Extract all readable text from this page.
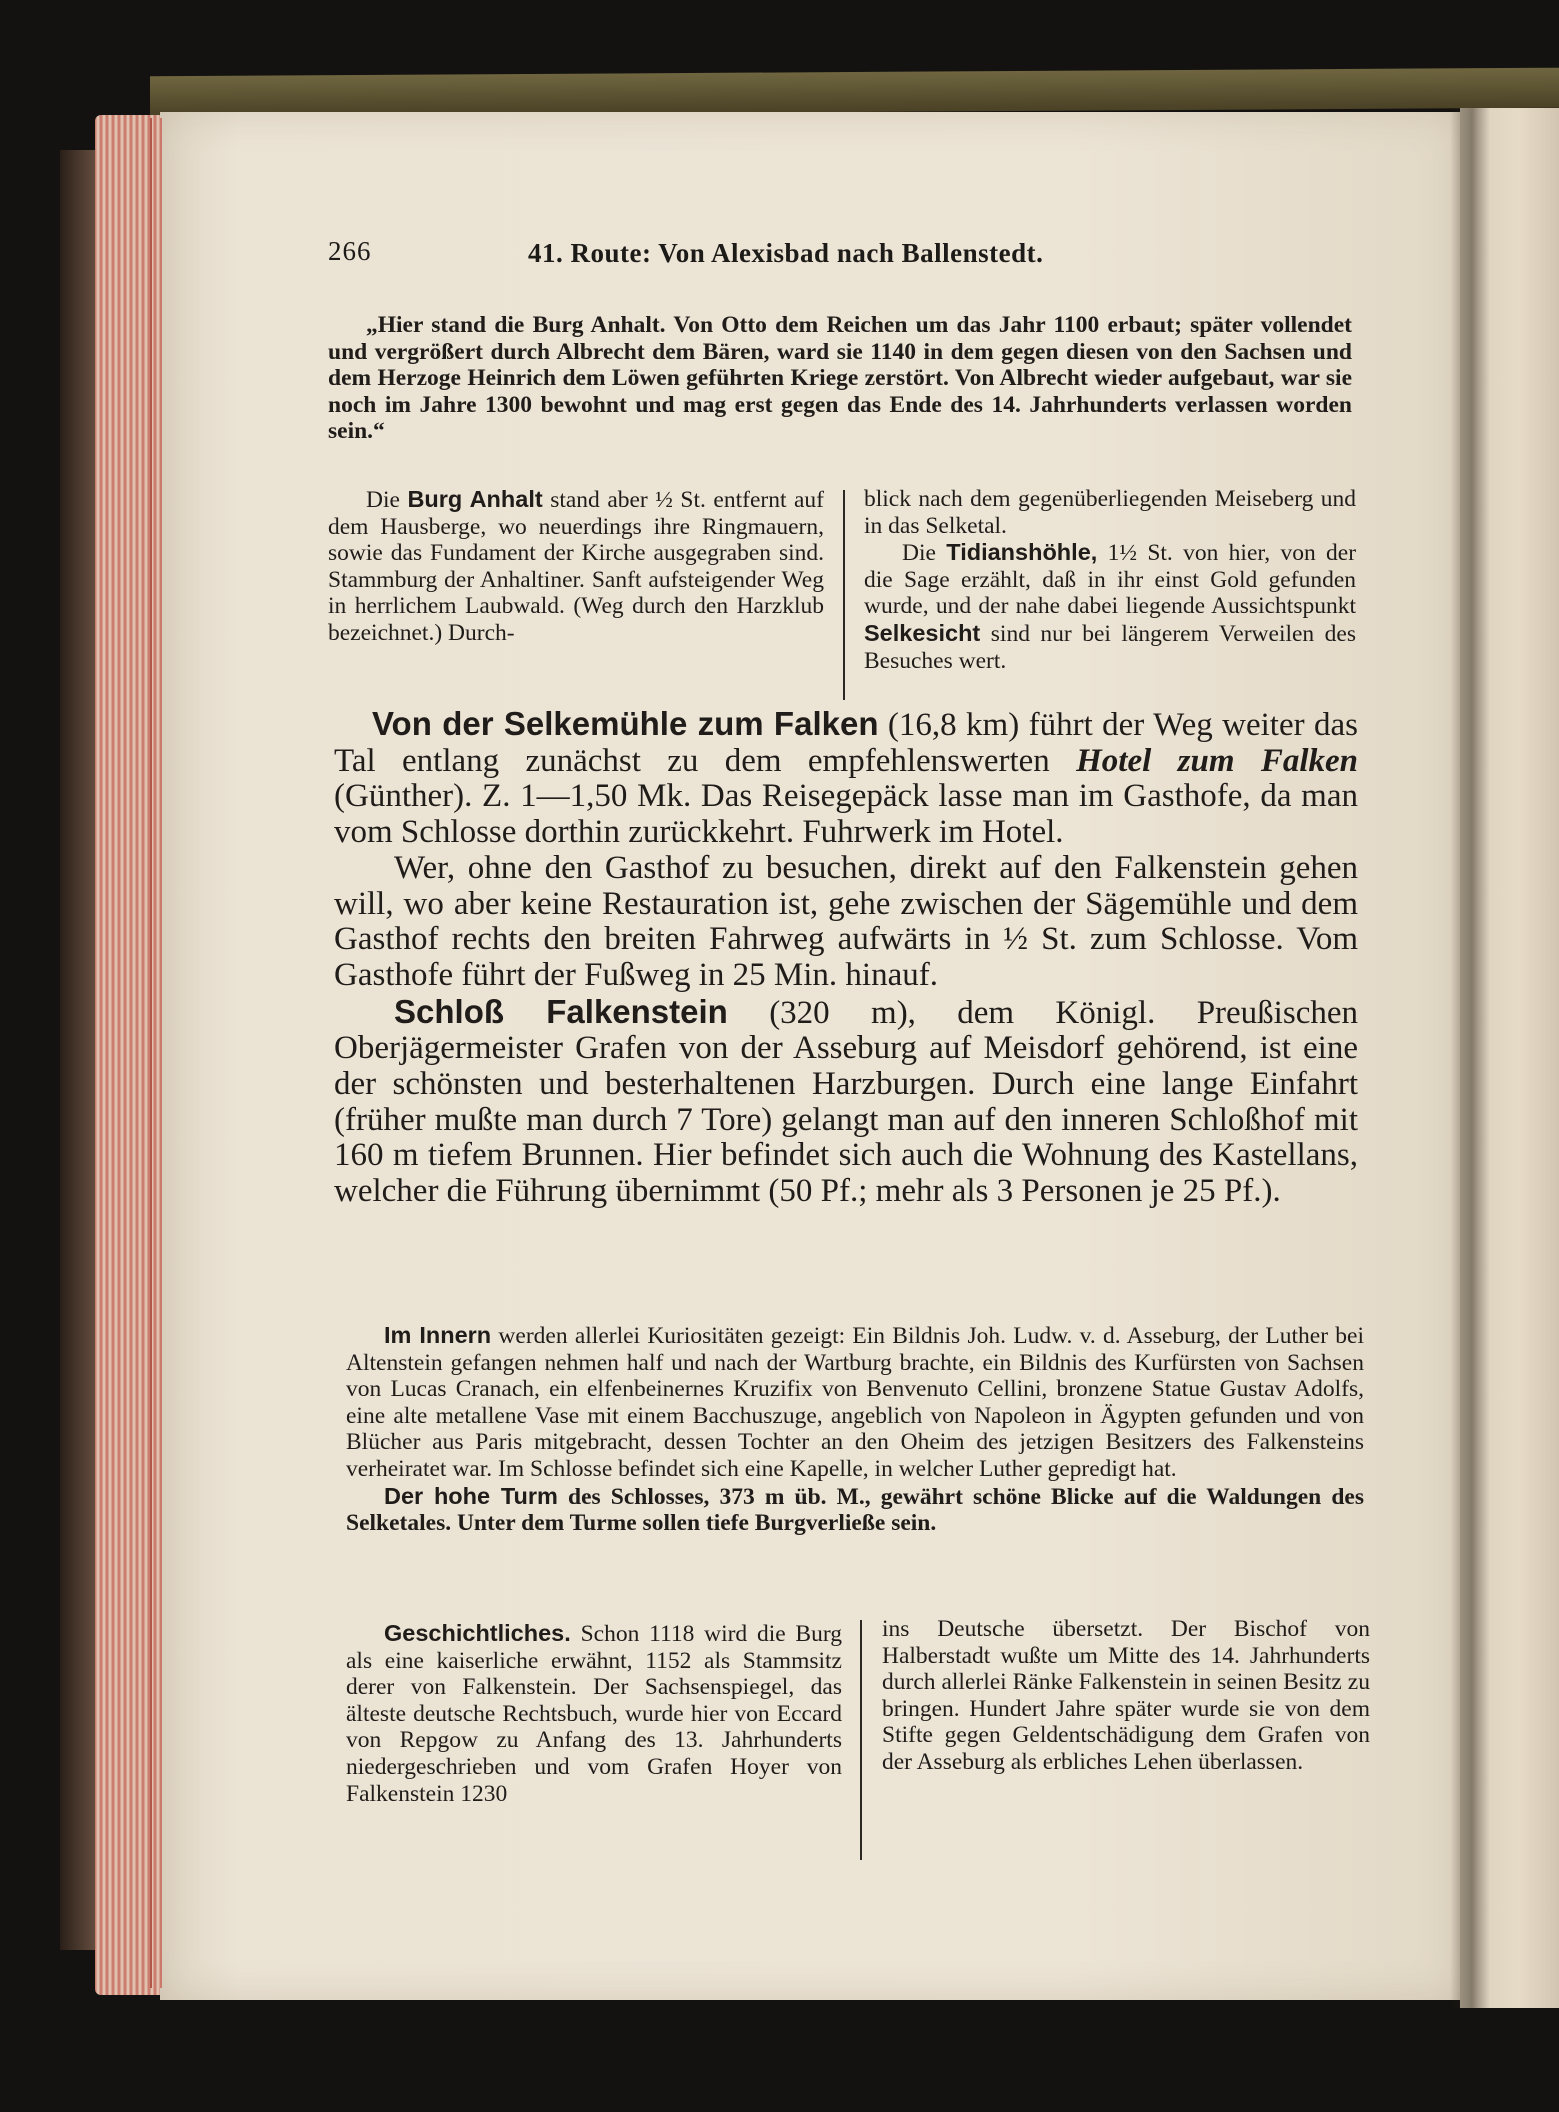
266	41. Route: Von Alexisbad nach Ballenstedt.

„Hier stand die Burg Anhalt. Von Otto dem Reichen um das Jahr 1100 erbaut; später vollendet und vergrößert durch Albrecht dem Bären, ward sie 1140 in dem gegen diesen von den Sachsen und dem Herzoge Heinrich dem Löwen geführten Kriege zerstört. Von Albrecht wieder aufgebaut, war sie noch im Jahre 1300 bewohnt und mag erst gegen das Ende des 14. Jahrhunderts verlassen worden sein.“

Die Burg Anhalt stand aber ½ St. entfernt auf dem Hausberge, wo neuerdings ihre Ringmauern, sowie das Fundament der Kirche ausgegraben sind. Stammburg der Anhaltiner. Sanft aufsteigender Weg in herrlichem Laubwald. (Weg durch den Harzklub bezeichnet.) Durch-

blick nach dem gegenüberliegenden Meiseberg und in das Selketal.

Die Tidianshöhle, 1½ St. von hier, von der die Sage erzählt, daß in ihr einst Gold gefunden wurde, und der nahe dabei liegende Aussichtspunkt Selkesicht sind nur bei längerem Verweilen des Besuches wert.

Von der Selkemühle zum Falken (16,8 km) führt der Weg weiter das Tal entlang zunächst zu dem empfehlenswerten Hotel zum Falken (Günther). Z. 1—1,50 Mk. Das Reisegepäck lasse man im Gasthofe, da man vom Schlosse dorthin zurückkehrt. Fuhrwerk im Hotel.

Wer, ohne den Gasthof zu besuchen, direkt auf den Falkenstein gehen will, wo aber keine Restauration ist, gehe zwischen der Sägemühle und dem Gasthof rechts den breiten Fahrweg aufwärts in ½ St. zum Schlosse. Vom Gasthofe führt der Fußweg in 25 Min. hinauf.

Schloß Falkenstein (320 m), dem Königl. Preußischen Oberjägermeister Grafen von der Asseburg auf Meisdorf gehörend, ist eine der schönsten und besterhaltenen Harzburgen. Durch eine lange Einfahrt (früher mußte man durch 7 Tore) gelangt man auf den inneren Schloßhof mit 160 m tiefem Brunnen. Hier befindet sich auch die Wohnung des Kastellans, welcher die Führung übernimmt (50 Pf.; mehr als 3 Personen je 25 Pf.).

Im Innern werden allerlei Kuriositäten gezeigt: Ein Bildnis Joh. Ludw. v. d. Asseburg, der Luther bei Altenstein gefangen nehmen half und nach der Wartburg brachte, ein Bildnis des Kurfürsten von Sachsen von Lucas Cranach, ein elfenbeinernes Kruzifix von Benvenuto Cellini, bronzene Statue Gustav Adolfs, eine alte metallene Vase mit einem Bacchuszuge, angeblich von Napoleon in Ägypten gefunden und von Blücher aus Paris mitgebracht, dessen Tochter an den Oheim des jetzigen Besitzers des Falkensteins verheiratet war. Im Schlosse befindet sich eine Kapelle, in welcher Luther gepredigt hat.

Der hohe Turm des Schlosses, 373 m üb. M., gewährt schöne Blicke auf die Waldungen des Selketales. Unter dem Turme sollen tiefe Burgverließe sein.

Geschichtliches. Schon 1118 wird die Burg als eine kaiserliche erwähnt, 1152 als Stammsitz derer von Falkenstein. Der Sachsenspiegel, das älteste deutsche Rechtsbuch, wurde hier von Eccard von Repgow zu Anfang des 13. Jahrhunderts niedergeschrieben und vom Grafen Hoyer von Falkenstein 1230

ins Deutsche übersetzt. Der Bischof von Halberstadt wußte um Mitte des 14. Jahrhunderts durch allerlei Ränke Falkenstein in seinen Besitz zu bringen. Hundert Jahre später wurde sie von dem Stifte gegen Geldentschädigung dem Grafen von der Asseburg als erbliches Lehen überlassen.
